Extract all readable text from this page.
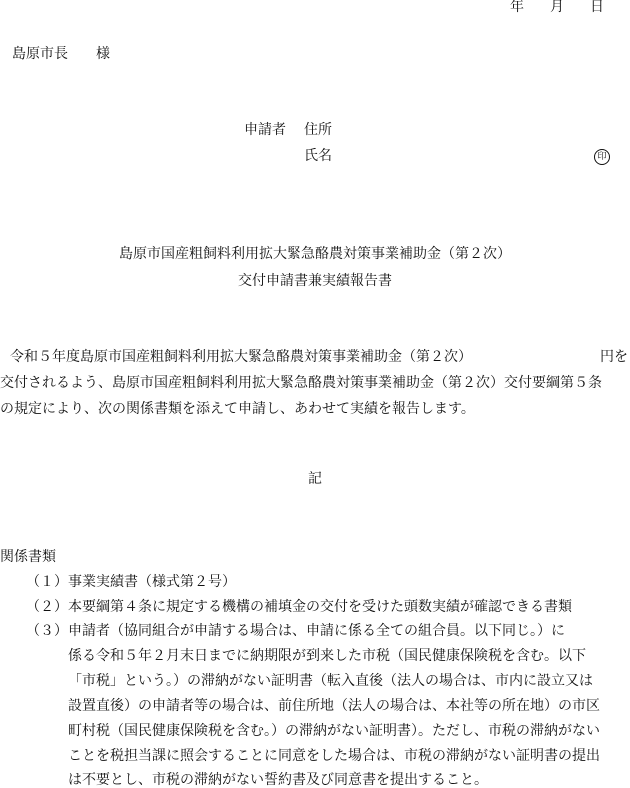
年 月 日
島原市長　　様
申請者 住所
氏名	印
島原市国産粗飼料利用拡大緊急酪農対策事業補助金（第２次）
交付申請書兼実績報告書
令和５年度島原市国産粗飼料利用拡大緊急酪農対策事業補助金（第２次）	円を
交付されるよう、島原市国産粗飼料利用拡大緊急酪農対策事業補助金（第２次）交付要綱第５条
の規定により、次の関係書類を添えて申請し、あわせて実績を報告します。
記
関係書類
（１）事業実績書（様式第２号）
（２）本要綱第４条に規定する機構の補填金の交付を受けた頭数実績が確認できる書類
（３）申請者（協同組合が申請する場合は、申請に係る全ての組合員。以下同じ。）に
係る令和５年２月末日までに納期限が到来した市税（国民健康保険税を含む。以下
「市税」という。）の滞納がない証明書（転入直後（法人の場合は、市内に設立又は
設置直後）の申請者等の場合は、前住所地（法人の場合は、本社等の所在地）の市区
町村税（国民健康保険税を含む。）の滞納がない証明書）。ただし、市税の滞納がない
ことを税担当課に照会することに同意をした場合は、市税の滞納がない証明書の提出
は不要とし、市税の滞納がない誓約書及び同意書を提出すること。
